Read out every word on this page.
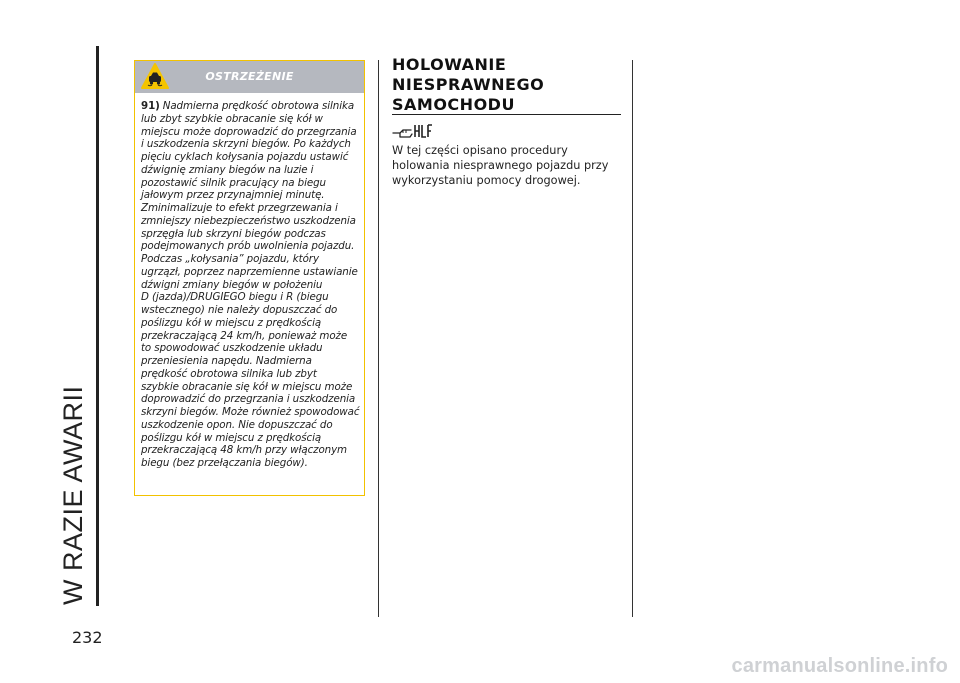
W RAZIE AWARII
232
OSTRZEŻENIE
91) Nadmierna prędkość obrotowa silnika
lub zbyt szybkie obracanie się kół w
miejscu może doprowadzić do przegrzania
i uszkodzenia skrzyni biegów. Po każdych
pięciu cyklach kołysania pojazdu ustawić
dźwignię zmiany biegów na luzie i
pozostawić silnik pracujący na biegu
jałowym przez przynajmniej minutę.
Zminimalizuje to efekt przegrzewania i
zmniejszy niebezpieczeństwo uszkodzenia
sprzęgła lub skrzyni biegów podczas
podejmowanych prób uwolnienia pojazdu.
Podczas „kołysania” pojazdu, który
ugrzązł, poprzez naprzemienne ustawianie
dźwigni zmiany biegów w położeniu
D (jazda)/DRUGIEGO biegu i R (biegu
wstecznego) nie należy dopuszczać do
poślizgu kół w miejscu z prędkością
przekraczającą 24 km/h, ponieważ może
to spowodować uszkodzenie układu
przeniesienia napędu. Nadmierna
prędkość obrotowa silnika lub zbyt
szybkie obracanie się kół w miejscu może
doprowadzić do przegrzania i uszkodzenia
skrzyni biegów. Może również spowodować
uszkodzenie opon. Nie dopuszczać do
poślizgu kół w miejscu z prędkością
przekraczającą 48 km/h przy włączonym
biegu (bez przełączania biegów).
HOLOWANIE
NIESPRAWNEGO
SAMOCHODU
W tej części opisano procedury
holowania niesprawnego pojazdu przy
wykorzystaniu pomocy drogowej.
carmanualsonline.info
